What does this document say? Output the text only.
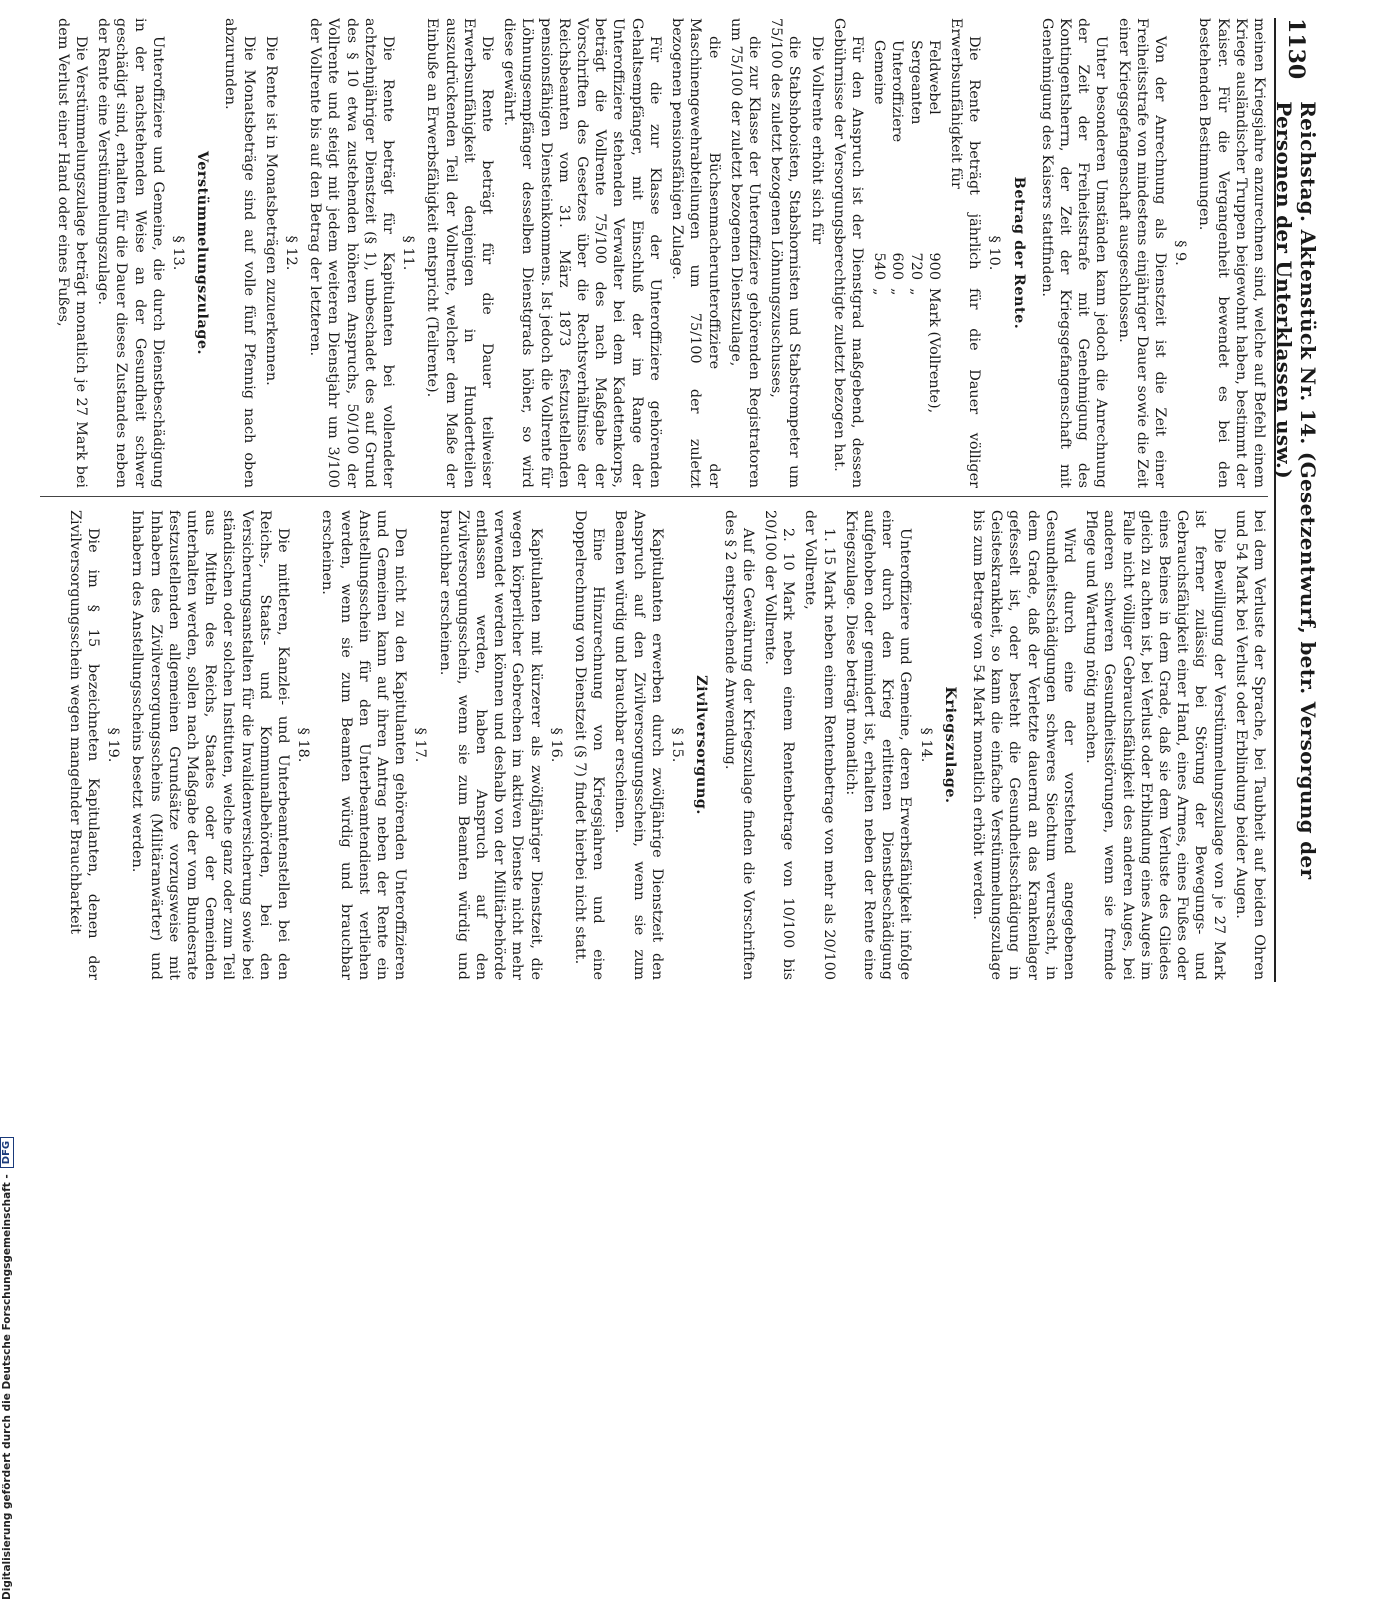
1130
Reichstag. Aktenstück Nr. 14. (Gesetzentwurf, betr. Versorgung der Personen der Unterklassen usw.)

meinen Kriegsjahre anzurechnen sind, welche auf Befehl einem Kriege ausländischer Truppen beigewohnt haben, bestimmt der Kaiser. Für die Vergangenheit bewendet es bei den bestehenden Bestimmungen.

§ 9.

Von der Anrechnung als Dienstzeit ist die Zeit einer Freiheitsstrafe von mindestens einjähriger Dauer sowie die Zeit einer Kriegsgefangenschaft ausgeschlossen.

Unter besonderen Umständen kann jedoch die Anrechnung der Zeit der Freiheitsstrafe mit Genehmigung des Kontingentsherrn, der Zeit der Kriegsgefangenschaft mit Genehmigung des Kaisers stattfinden.

Betrag der Rente.
§ 10.

Die Rente beträgt jährlich für die Dauer völliger Erwerbsunfähigkeit für

Feldwebel
900
Mark (Vollrente),
Sergeanten
720
„
Unteroffiziere
600
„
Gemeine
540
„

Für den Anspruch ist der Dienstgrad maßgebend, dessen Gebührnisse der Versorgungsberechtigte zuletzt bezogen hat.

Die Vollrente erhöht sich für

die Stabshoboisten, Stabshornisten und Stabstrompeter um 75/100 des zuletzt bezogenen Löhnungszuschusses,

die zur Klasse der Unteroffiziere gehörenden Registratoren um 75/100 der zuletzt bezogenen Dienstzulage,

die Büchsenmacherunteroffiziere der Maschinengewehrabteilungen um 75/100 der zuletzt bezogenen pensionsfähigen Zulage.

Für die zur Klasse der Unteroffiziere gehörenden Gehaltsempfänger, mit Einschluß der im Range der Unteroffiziere stehenden Verwalter bei dem Kadettenkorps, beträgt die Vollrente 75/100 des nach Maßgabe der Vorschriften des Gesetzes über die Rechtsverhältnisse der Reichsbeamten vom 31. März 1873 festzustellenden pensionsfähigen Diensteinkommens. Ist jedoch die Vollrente für Löhnungsempfänger desselben Dienstgrads höher, so wird diese gewährt.

Die Rente beträgt für die Dauer teilweiser Erwerbsunfähigkeit denjenigen in Hundertteilen auszudrückenden Teil der Vollrente, welcher dem Maße der Einbuße an Erwerbsfähigkeit entspricht (Teilrente).

§ 11.

Die Rente beträgt für Kapitulanten bei vollendeter achtzehnjähriger Dienstzeit (§ 1), unbeschadet des auf Grund des § 10 etwa zustehenden höheren Anspruchs, 50/100 der Vollrente und steigt mit jedem weiteren Dienstjahr um 3/100 der Vollrente bis auf den Betrag der letzteren.

§ 12.

Die Rente ist in Monatsbeträgen zuzuerkennen.

Die Monatsbeträge sind auf volle fünf Pfennig nach oben abzurunden.

Verstümmelungszulage.
§ 13.

Unteroffiziere und Gemeine, die durch Dienstbeschädigung in der nachstehenden Weise an der Gesundheit schwer geschädigt sind, erhalten für die Dauer dieses Zustandes neben der Rente eine Verstümmelungszulage.

Die Verstümmelungszulage beträgt monatlich je 27 Mark bei dem Verlust einer Hand oder eines Fußes,

bei dem Verluste der Sprache, bei Taubheit auf beiden Ohren und 54 Mark bei Verlust oder Erblindung beider Augen.

Die Bewilligung der Verstümmelungszulage von je 27 Mark ist ferner zulässig bei Störung der Bewegungs- und Gebrauchsfähigkeit einer Hand, eines Armes, eines Fußes oder eines Beines in dem Grade, daß sie dem Verluste des Gliedes gleich zu achten ist, bei Verlust oder Erblindung eines Auges im Falle nicht völliger Gebrauchsfähigkeit des anderen Auges, bei anderen schweren Gesundheitsstörungen, wenn sie fremde Pflege und Wartung nötig machen.

Wird durch eine der vorstehend angegebenen Gesundheitsschädigungen schweres Siechtum verursacht, in dem Grade, daß der Verletzte dauernd an das Krankenlager gefesselt ist, oder besteht die Gesundheitsschädigung in Geisteskrankheit, so kann die einfache Verstümmelungszulage bis zum Betrage von 54 Mark monatlich erhöht werden.

Kriegszulage.
§ 14.

Unteroffiziere und Gemeine, deren Erwerbsfähigkeit infolge einer durch den Krieg erlittenen Dienstbeschädigung aufgehoben oder gemindert ist, erhalten neben der Rente eine Kriegszulage. Diese beträgt monatlich:

1. 15 Mark neben einem Rentenbetrage von mehr als 20/100 der Vollrente,

2. 10 Mark neben einem Rentenbetrage von 10/100 bis 20/100 der Vollrente.

Auf die Gewährung der Kriegszulage finden die Vorschriften des § 2 entsprechende Anwendung.

Zivilversorgung.
§ 15.

Kapitulanten erwerben durch zwölfjährige Dienstzeit den Anspruch auf den Zivilversorgungsschein, wenn sie zum Beamten würdig und brauchbar erscheinen.

Eine Hinzurechnung von Kriegsjahren und eine Doppelrechnung von Dienstzeit (§ 7) findet hierbei nicht statt.

§ 16.

Kapitulanten mit kürzerer als zwölfjähriger Dienstzeit, die wegen körperlicher Gebrechen im aktiven Dienste nicht mehr verwendet werden können und deshalb von der Militärbehörde entlassen werden, haben Anspruch auf den Zivilversorgungsschein, wenn sie zum Beamten würdig und brauchbar erscheinen.

§ 17.

Den nicht zu den Kapitulanten gehörenden Unteroffizieren und Gemeinen kann auf ihren Antrag neben der Rente ein Anstellungsschein für den Unterbeamtendienst verliehen werden, wenn sie zum Beamten würdig und brauchbar erscheinen.

§ 18.

Die mittleren, Kanzlei- und Unterbeamtenstellen bei den Reichs-, Staats- und Kommunalbehörden, bei den Versicherungsanstalten für die Invalidenversicherung sowie bei ständischen oder solchen Instituten, welche ganz oder zum Teil aus Mitteln des Reichs, Staates oder der Gemeinden unterhalten werden, sollen nach Maßgabe der vom Bundesrate festzustellenden allgemeinen Grundsätze vorzugsweise mit Inhabern des Zivilversorgungsscheins (Militäranwärter) und Inhabern des Anstellungsscheins besetzt werden.

§ 19.

Die im § 15 bezeichneten Kapitulanten, denen der Zivilversorgungsschein wegen mangelnder Brauchbarkeit

Digitalisierung gefördert durch die Deutsche Forschungsgemeinschaft -
DFG
